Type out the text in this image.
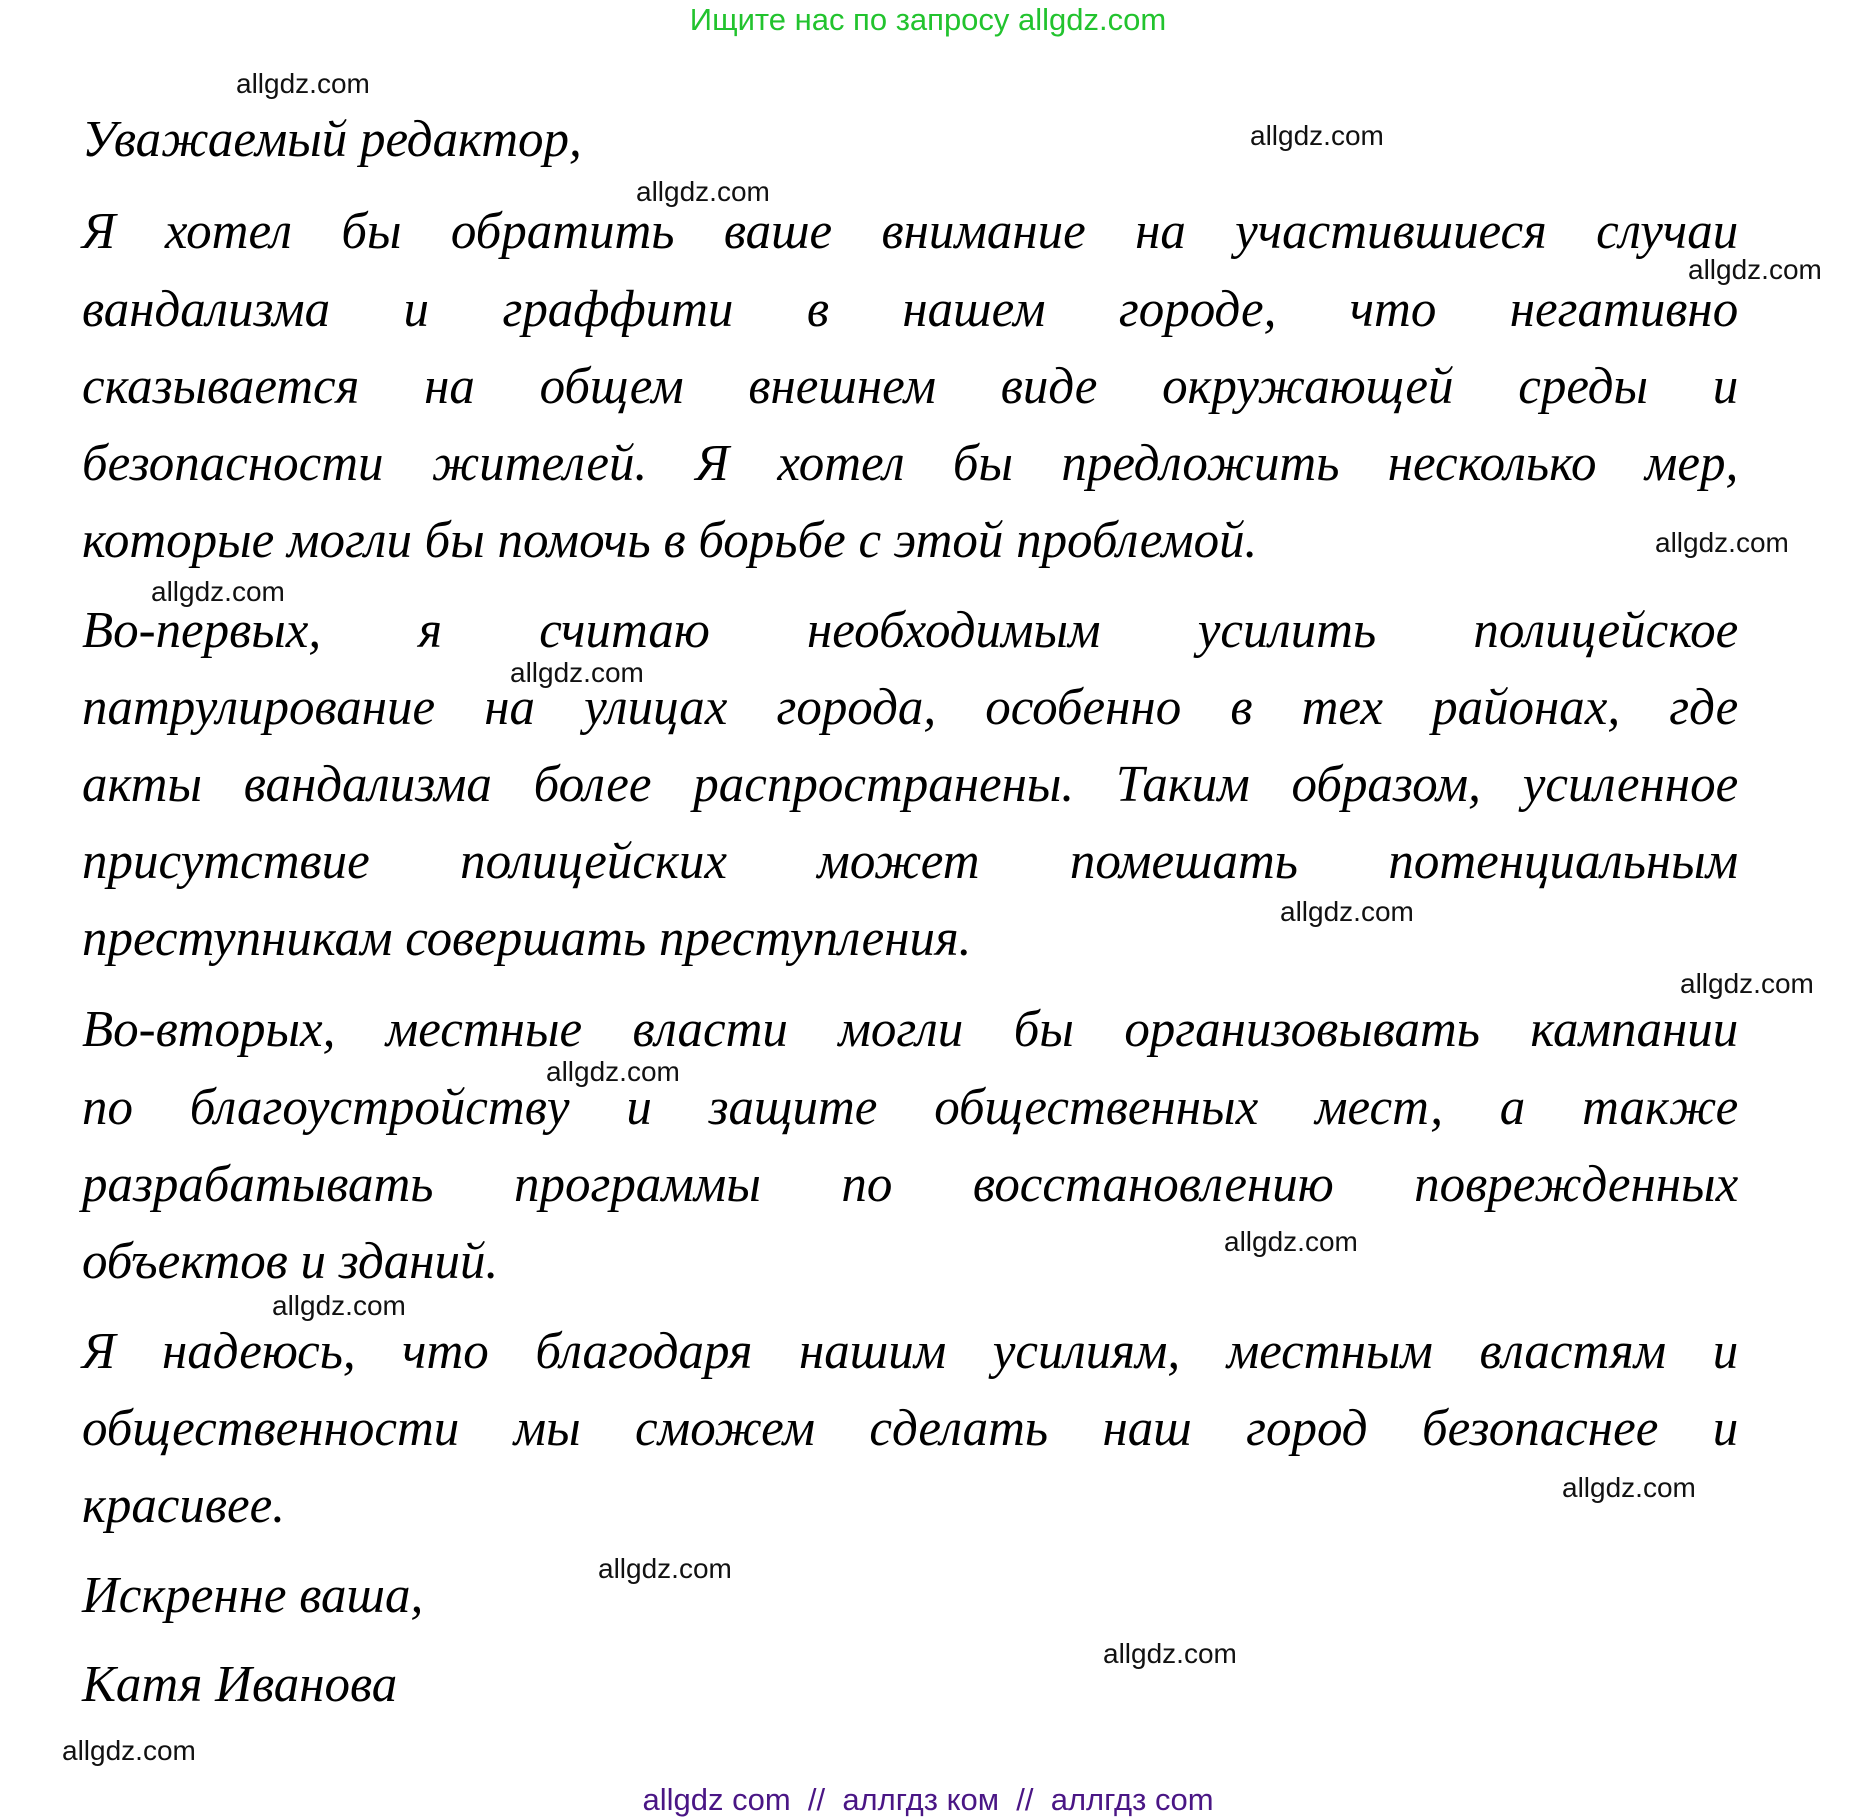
Ищите нас по запросу allgdz.com
Уважаемый редактор,
Я хотел бы обратить ваше внимание на участившиеся случаи
вандализма и граффити в нашем городе, что негативно
сказывается на общем внешнем виде окружающей среды и
безопасности жителей. Я хотел бы предложить несколько мер,
которые могли бы помочь в борьбе с этой проблемой.
Во-первых, я считаю необходимым усилить полицейское
патрулирование на улицах города, особенно в тех районах, где
акты вандализма более распространены. Таким образом, усиленное
присутствие полицейских может помешать потенциальным
преступникам совершать преступления.
Во-вторых, местные власти могли бы организовывать кампании
по благоустройству и защите общественных мест, а также
разрабатывать программы по восстановлению поврежденных
объектов и зданий.
Я надеюсь, что благодаря нашим усилиям, местным властям и
общественности мы сможем сделать наш город безопаснее и
красивее.
Искренне ваша,
Катя Иванова
allgdz.com
allgdz.com
allgdz.com
allgdz.com
allgdz.com
allgdz.com
allgdz.com
allgdz.com
allgdz.com
allgdz.com
allgdz.com
allgdz.com
allgdz.com
allgdz.com
allgdz.com
allgdz.com
allgdz com  //  аллгдз ком  //  аллгдз com
